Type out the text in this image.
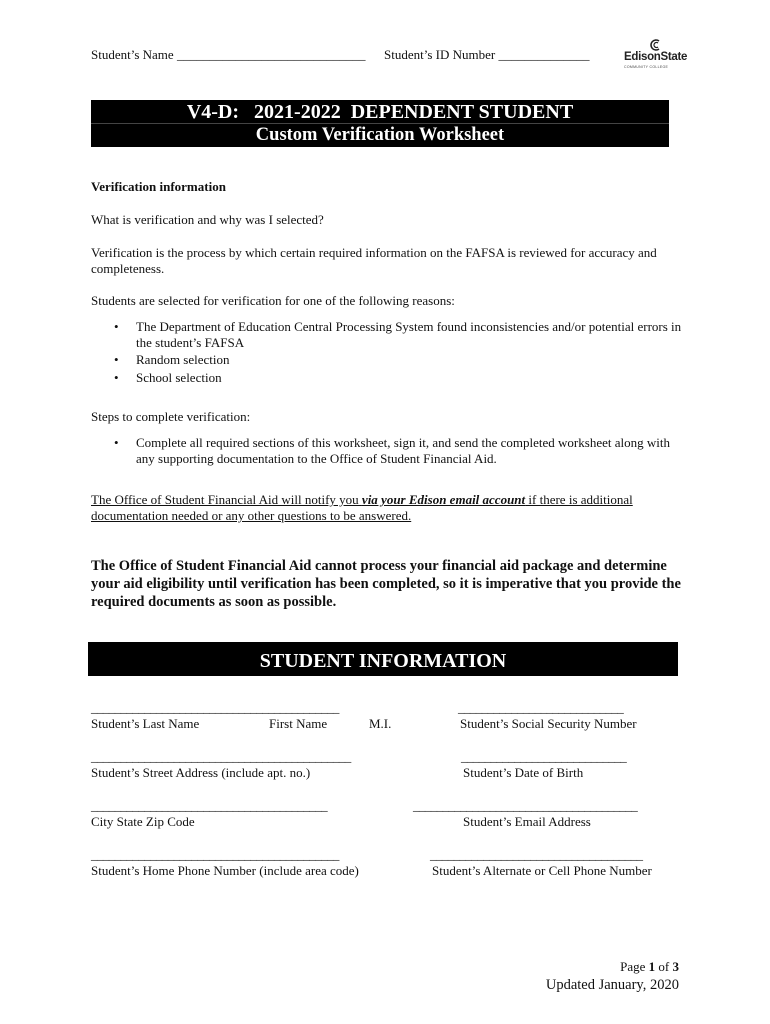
Student’s Name _____________________________ Student’s ID Number ______________	EdisonState
COMMUNITY COLLEGE
V4-D:   2021-2022  DEPENDENT STUDENT
Custom Verification Worksheet
Verification information
What is verification and why was I selected?
Verification is the process by which certain required information on the FAFSA is reviewed for accuracy and completeness.
Students are selected for verification for one of the following reasons:
• The Department of Education Central Processing System found inconsistencies and/or potential errors in the student’s FAFSA
• Random selection
• School selection
Steps to complete verification:
• Complete all required sections of this worksheet, sign it, and send the completed worksheet along with any supporting documentation to the Office of Student Financial Aid.
The Office of Student Financial Aid will notify you via your Edison email account if there is additional documentation needed or any other questions to be answered.
The Office of Student Financial Aid cannot process your financial aid package and determine your aid eligibility until verification has been completed, so it is imperative that you provide the required documents as soon as possible.
STUDENT INFORMATION
__________________________________________	____________________________
Student’s Last Name	First Name	M.I.	Student’s Social Security Number
____________________________________________	____________________________
Student’s Street Address (include apt. no.)	Student’s Date of Birth
________________________________________	______________________________________
City State Zip Code	Student’s Email Address
__________________________________________	____________________________________
Student’s Home Phone Number (include area code)	Student’s Alternate or Cell Phone Number
Page 1 of 3
Updated January, 2020
